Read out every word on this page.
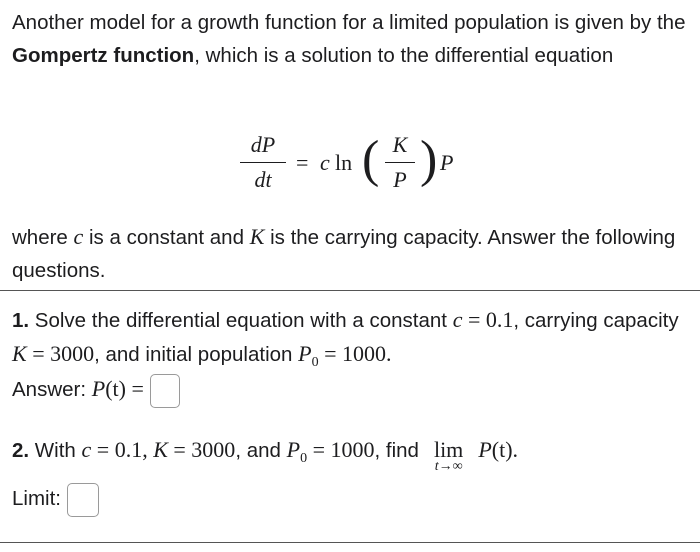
Another model for a growth function for a limited population is given by the Gompertz function, which is a solution to the differential equation
dP
dt
= c ln ( K
P ) P
where c is a constant and K is the carrying capacity. Answer the following questions.
1. Solve the differential equation with a constant c = 0.1, carrying capacity K = 3000, and initial population $P_0 = 1000$.
Answer: P(t) =
2. With c = 0.1, K = 3000, and $P_0 = 1000$, find lim
t→∞
P(t).
Limit:
